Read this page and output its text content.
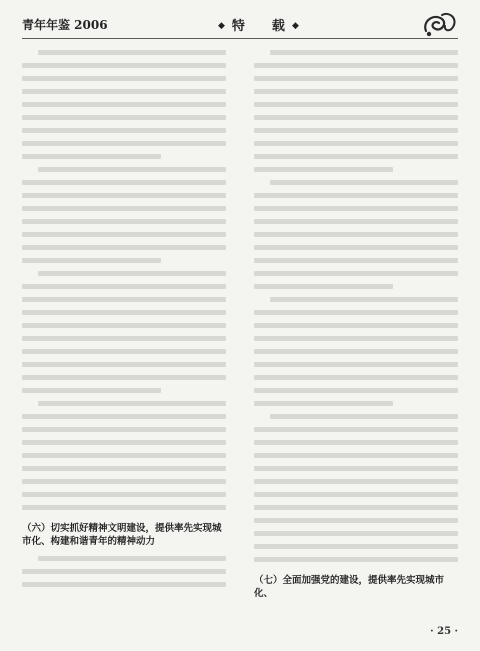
青年年鉴 2006	◆特　载◆
（六）切实抓好精神文明建设，提供率先实现城市化、构建和谐青年的精神动力
（七）全面加强党的建设，提供率先实现城市化、
· 25 ·
